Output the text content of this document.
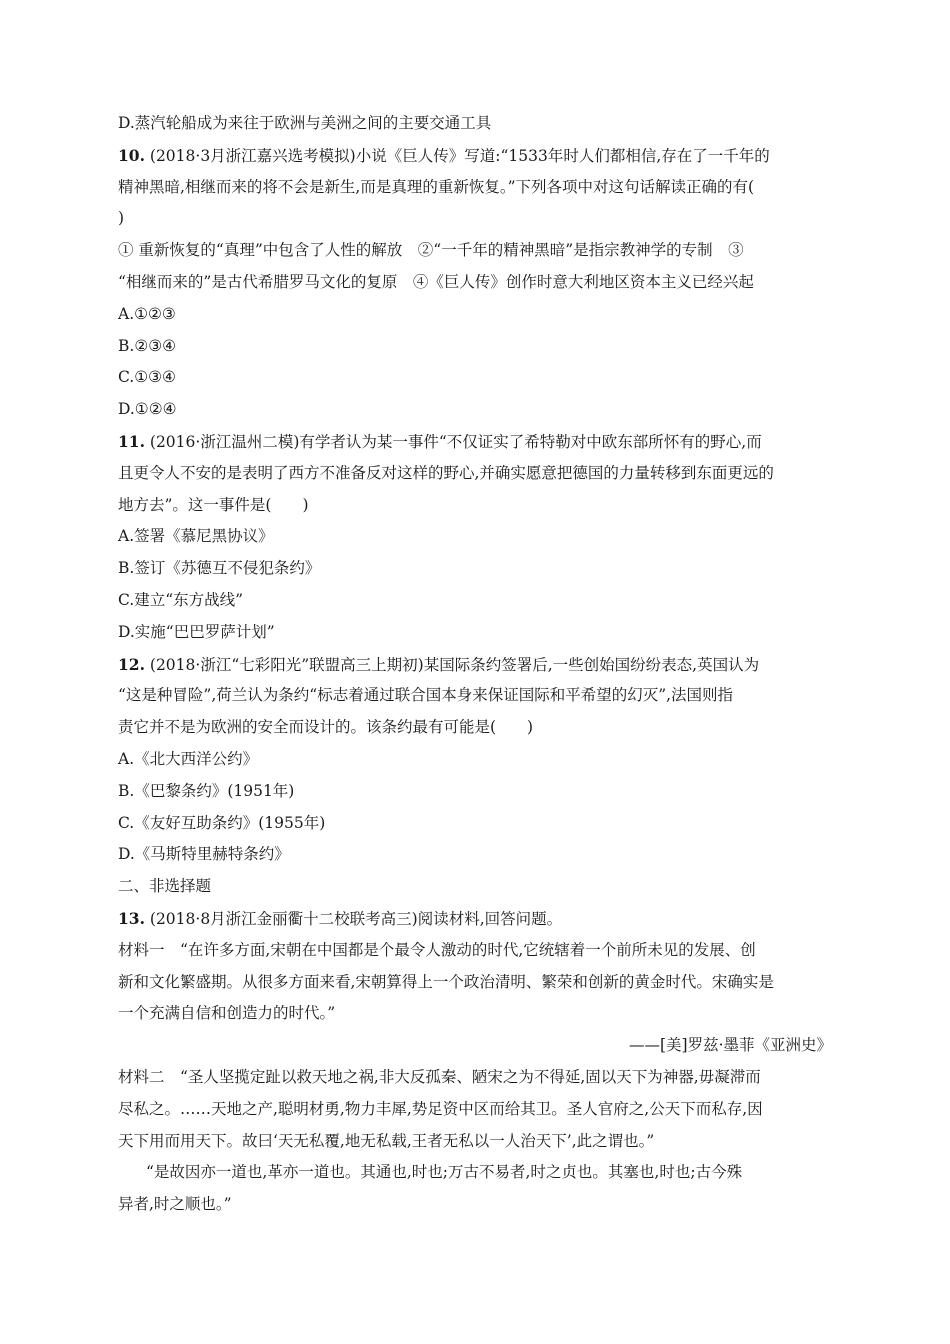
D.蒸汽轮船成为来往于欧洲与美洲之间的主要交通工具
10. (2018·3月浙江嘉兴选考模拟)小说《巨人传》写道:“1533年时人们都相信,存在了一千年的
精神黑暗,相继而来的将不会是新生,而是真理的重新恢复。”下列各项中对这句话解读正确的有(
)
① 重新恢复的“真理”中包含了人性的解放　②“一千年的精神黑暗”是指宗教神学的专制　③
“相继而来的”是古代希腊罗马文化的复原　④《巨人传》创作时意大利地区资本主义已经兴起
A.①②③
B.②③④
C.①③④
D.①②④
11. (2016·浙江温州二模)有学者认为某一事件“不仅证实了希特勒对中欧东部所怀有的野心,而
且更令人不安的是表明了西方不准备反对这样的野心,并确实愿意把德国的力量转移到东面更远的
地方去”。这一事件是(　　)
A.签署《慕尼黑协议》
B.签订《苏德互不侵犯条约》
C.建立“东方战线”
D.实施“巴巴罗萨计划”
12. (2018·浙江“七彩阳光”联盟高三上期初)某国际条约签署后,一些创始国纷纷表态,英国认为
“这是种冒险”,荷兰认为条约“标志着通过联合国本身来保证国际和平希望的幻灭”,法国则指
责它并不是为欧洲的安全而设计的。该条约最有可能是(　　)
A.《北大西洋公约》
B.《巴黎条约》(1951年)
C.《友好互助条约》(1955年)
D.《马斯特里赫特条约》
二、非选择题
13. (2018·8月浙江金丽衢十二校联考高三)阅读材料,回答问题。
材料一　“在许多方面,宋朝在中国都是个最令人激动的时代,它统辖着一个前所未见的发展、创
新和文化繁盛期。从很多方面来看,宋朝算得上一个政治清明、繁荣和创新的黄金时代。宋确实是
一个充满自信和创造力的时代。”
——[美]罗兹·墨菲《亚洲史》
材料二　“圣人坚揽定趾以救天地之祸,非大反孤秦、陋宋之为不得延,固以天下为神器,毋凝滞而
尽私之。……天地之产,聪明材勇,物力丰犀,势足资中区而给其卫。圣人官府之,公天下而私存,因
天下用而用天下。故曰‘天无私覆,地无私载,王者无私以一人治天下’,此之谓也。”
“是故因亦一道也,革亦一道也。其通也,时也;万古不易者,时之贞也。其塞也,时也;古今殊
异者,时之顺也。”
